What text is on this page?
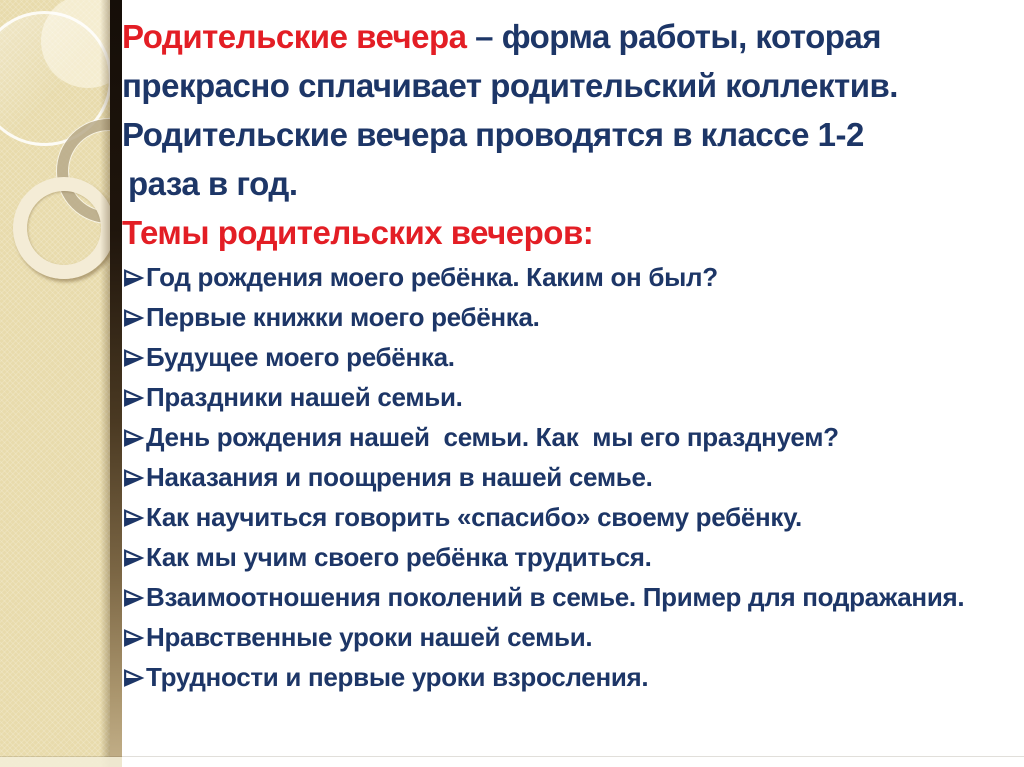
Родительские вечера – форма работы, которая
прекрасно сплачивает родительский коллектив.
Родительские вечера проводятся в классе 1-2
раза в год.
Темы родительских вечеров:
Год рождения моего ребёнка. Каким он был?
Первые книжки моего ребёнка.
Будущее моего ребёнка.
Праздники нашей семьи.
День рождения нашей  семьи. Как  мы его празднуем?
Наказания и поощрения в нашей семье.
Как научиться говорить «спасибо» своему ребёнку.
Как мы учим своего ребёнка трудиться.
Взаимоотношения поколений в семье. Пример для подражания.
Нравственные уроки нашей семьи.
Трудности и первые уроки взросления.
